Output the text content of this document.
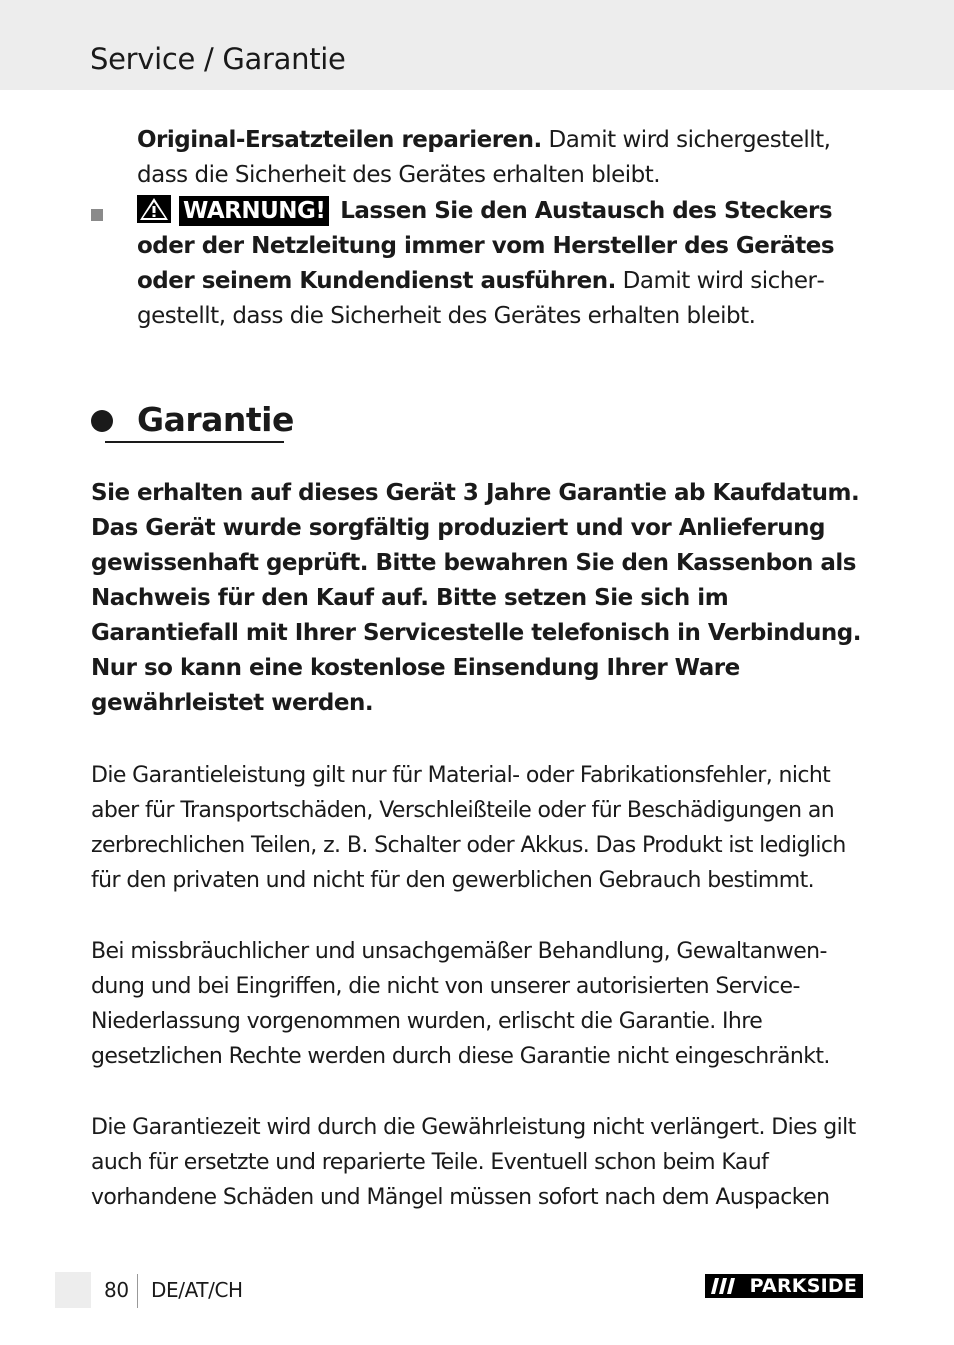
Service / Garantie
Original-Ersatzteilen reparieren. Damit wird sichergestellt,
dass die Sicherheit des Gerätes erhalten bleibt.
WARNUNG! Lassen Sie den Austausch des Steckers oder der Netzleitung immer vom Hersteller des Gerätes oder seinem Kundendienst ausführen. Damit wird sichergestellt, dass die Sicherheit des Gerätes erhalten bleibt.
Garantie
Sie erhalten auf dieses Gerät 3 Jahre Garantie ab Kaufdatum. Das Gerät wurde sorgfältig produziert und vor Anlieferung gewissenhaft geprüft. Bitte bewahren Sie den Kassenbon als Nachweis für den Kauf auf. Bitte setzen Sie sich im Garantiefall mit Ihrer Servicestelle telefonisch in Verbindung. Nur so kann eine kostenlose Einsendung Ihrer Ware gewährleistet werden.
Die Garantieleistung gilt nur für Material- oder Fabrikationsfehler, nicht aber für Transportschäden, Verschleißteile oder für Beschädigungen an zerbrechlichen Teilen, z. B. Schalter oder Akkus. Das Produkt ist lediglich für den privaten und nicht für den gewerblichen Gebrauch bestimmt.
Bei missbräuchlicher und unsachgemäßer Behandlung, Gewaltanwendung und bei Eingriffen, die nicht von unserer autorisierten Service-Niederlassung vorgenommen wurden, erlischt die Garantie. Ihre gesetzlichen Rechte werden durch diese Garantie nicht eingeschränkt.
Die Garantiezeit wird durch die Gewährleistung nicht verlängert. Dies gilt auch für ersetzte und reparierte Teile. Eventuell schon beim Kauf vorhandene Schäden und Mängel müssen sofort nach dem Auspacken
80 DE/AT/CH	PARKSIDE
